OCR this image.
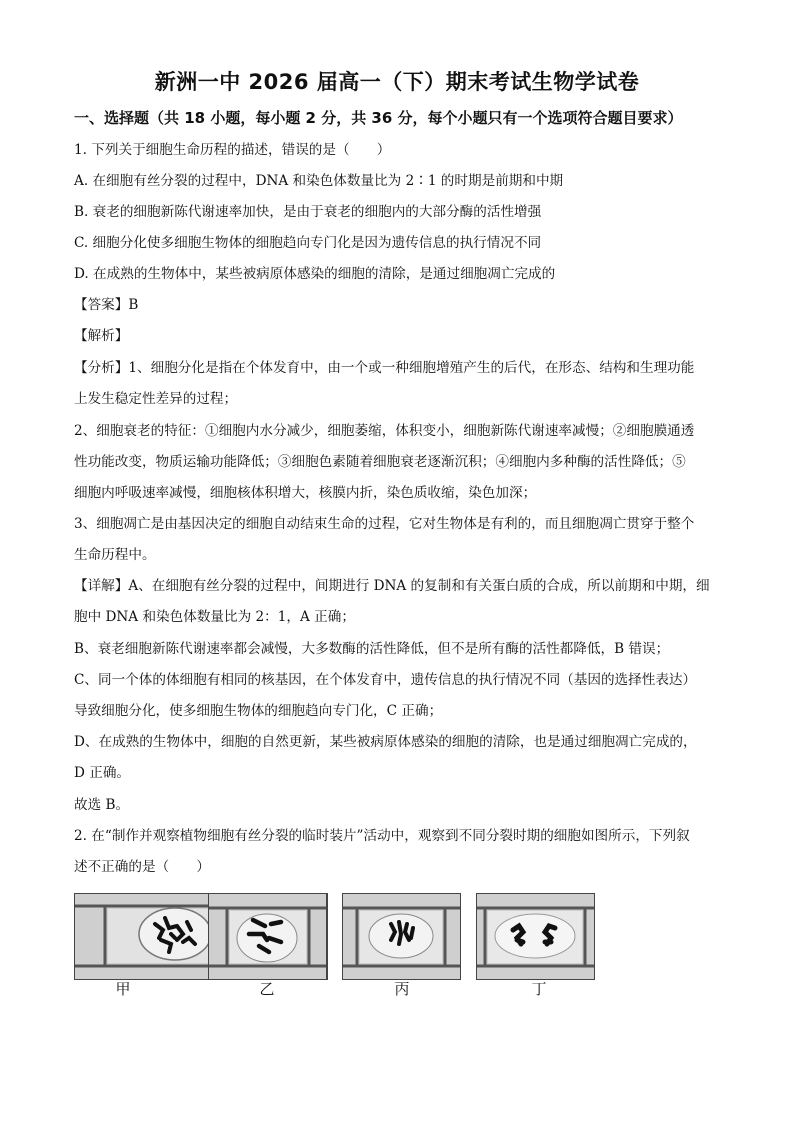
新洲一中 2026 届高一（下）期末考试生物学试卷
一、选择题（共 18 小题，每小题 2 分，共 36 分，每个小题只有一个选项符合题目要求）
1. 下列关于细胞生命历程的描述，错误的是（　　）
A. 在细胞有丝分裂的过程中，DNA 和染色体数量比为 2∶1 的时期是前期和中期
B. 衰老的细胞新陈代谢速率加快，是由于衰老的细胞内的大部分酶的活性增强
C. 细胞分化使多细胞生物体的细胞趋向专门化是因为遗传信息的执行情况不同
D. 在成熟的生物体中，某些被病原体感染的细胞的清除，是通过细胞凋亡完成的
【答案】B
【解析】
【分析】1、细胞分化是指在个体发育中，由一个或一种细胞增殖产生的后代，在形态、结构和生理功能
上发生稳定性差异的过程；
2、细胞衰老的特征：①细胞内水分减少，细胞萎缩，体积变小，细胞新陈代谢速率减慢；②细胞膜通透
性功能改变，物质运输功能降低；③细胞色素随着细胞衰老逐渐沉积；④细胞内多种酶的活性降低；⑤
细胞内呼吸速率减慢，细胞核体积增大，核膜内折，染色质收缩，染色加深；
3、细胞凋亡是由基因决定的细胞自动结束生命的过程，它对生物体是有利的，而且细胞凋亡贯穿于整个
生命历程中。
【详解】A、在细胞有丝分裂的过程中，间期进行 DNA 的复制和有关蛋白质的合成，所以前期和中期，细
胞中 DNA 和染色体数量比为 2：1，A 正确；
B、衰老细胞新陈代谢速率都会减慢，大多数酶的活性降低，但不是所有酶的活性都降低，B 错误；
C、同一个体的体细胞有相同的核基因，在个体发育中，遗传信息的执行情况不同（基因的选择性表达）
导致细胞分化，使多细胞生物体的细胞趋向专门化，C 正确；
D、在成熟的生物体中，细胞的自然更新，某些被病原体感染的细胞的清除，也是通过细胞凋亡完成的，
D 正确。
故选 B。
2. 在“制作并观察植物细胞有丝分裂的临时装片”活动中，观察到不同分裂时期的细胞如图所示，下列叙
述不正确的是（　　）
甲	乙	丙	丁
